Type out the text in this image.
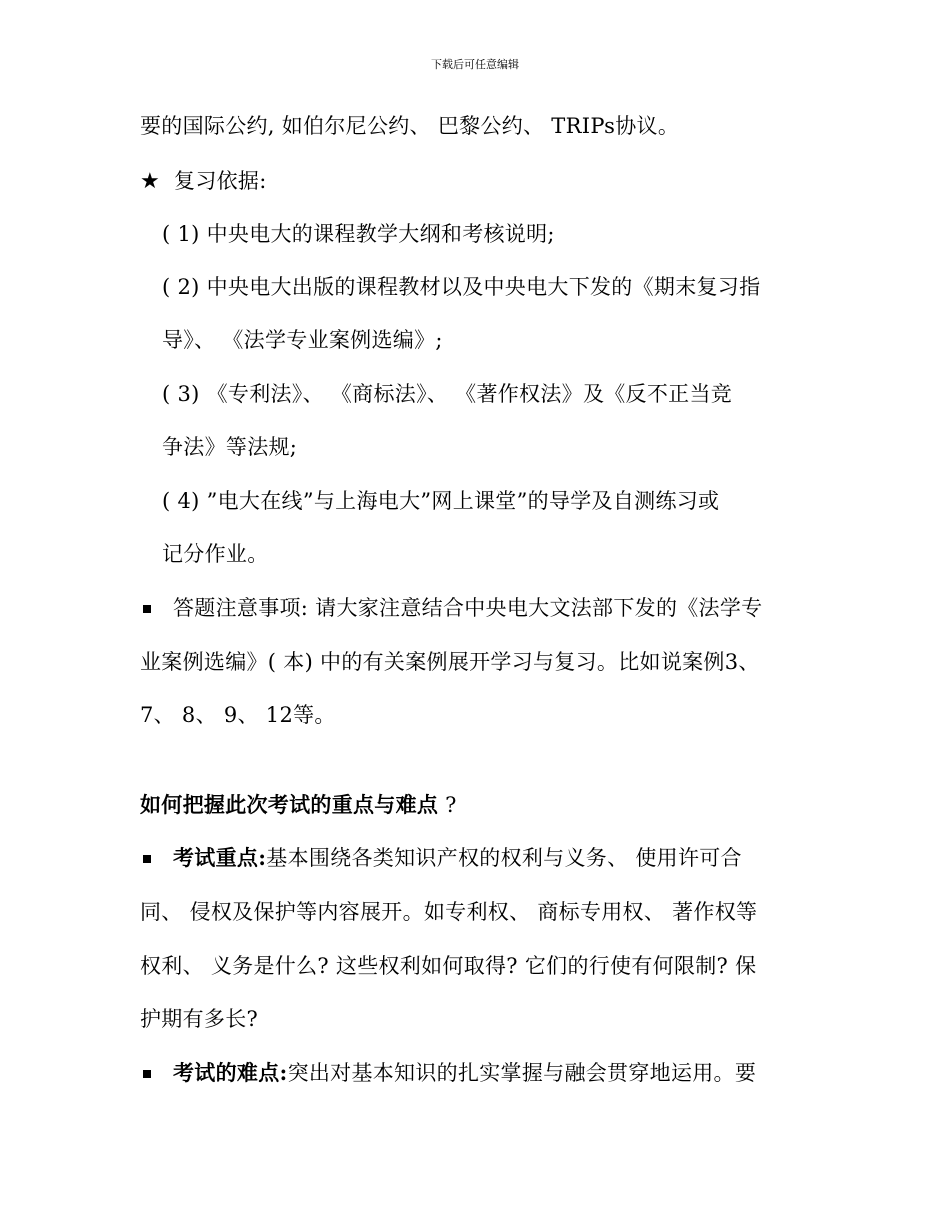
下载后可任意编辑
要的国际公约, 如伯尔尼公约、 巴黎公约、 TRIPs协议。
★ 复习依据:
( 1) 中央电大的课程教学大纲和考核说明;
( 2) 中央电大出版的课程教材以及中央电大下发的《期末复习指
导》、 《法学专业案例选编》;
( 3) 《专利法》、 《商标法》、 《著作权法》及《反不正当竞
争法》等法规;
( 4) ”电大在线”与上海电大”网上课堂”的导学及自测练习或
记分作业。
答题注意事项: 请大家注意结合中央电大文法部下发的《法学专
业案例选编》( 本) 中的有关案例展开学习与复习。比如说案例3、
7、 8、 9、 12等。
如何把握此次考试的重点与难点 ?
考试重点:基本围绕各类知识产权的权利与义务、 使用许可合
同、 侵权及保护等内容展开。如专利权、 商标专用权、 著作权等
权利、 义务是什么? 这些权利如何取得? 它们的行使有何限制? 保
护期有多长?
考试的难点:突出对基本知识的扎实掌握与融会贯穿地运用。要
